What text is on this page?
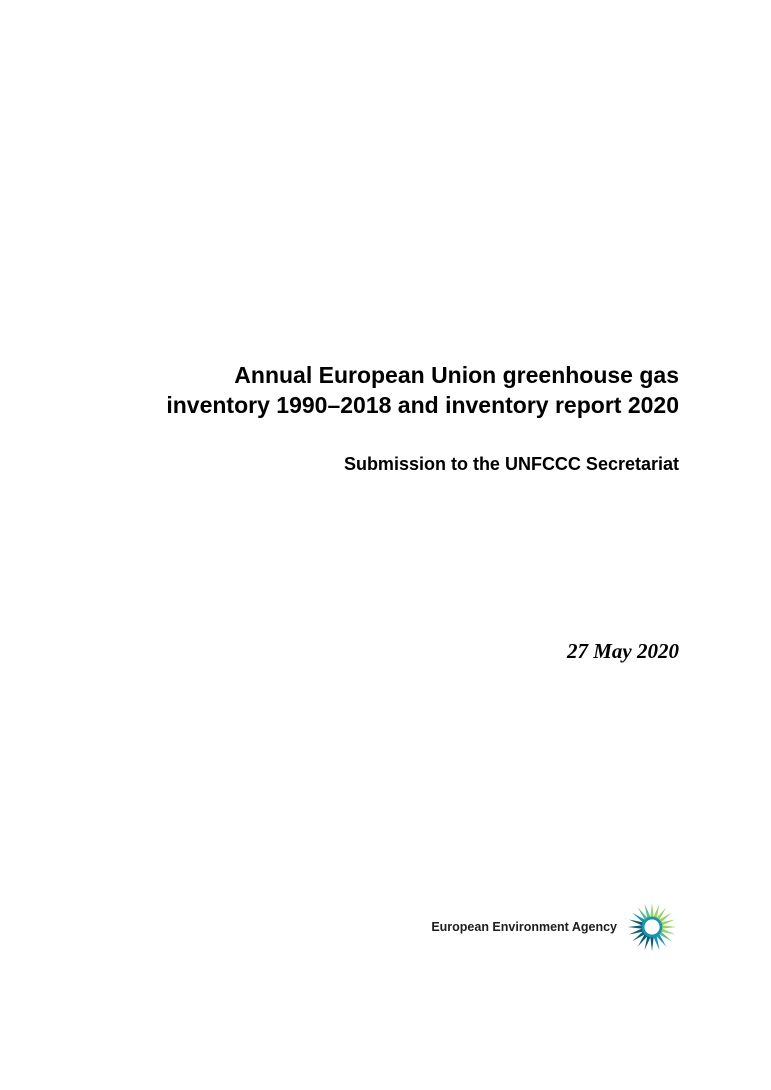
Annual European Union greenhouse gas
inventory 1990–2018 and inventory report 2020
Submission to the UNFCCC Secretariat

27 May 2020

European Environment Agency
